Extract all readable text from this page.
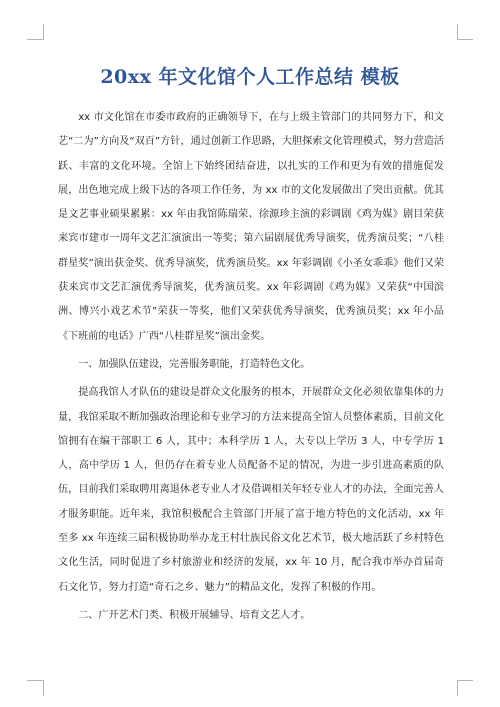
20xx 年文化馆个人工作总结 模板

xx 市文化馆在市委市政府的正确领导下，在与上级主管部门的共同努力下，和文艺“二为”方向及“双百”方针，通过创新工作思路，大胆探索文化管理模式，努力营造活跃、丰富的文化环境。全馆上下始终团结奋进，以扎实的工作和更为有效的措施促发展，出色地完成上级下达的各项工作任务，为 xx 市的文化发展做出了突出贡献。优其是文艺事业硕果累累：xx 年由我馆陈瑞荣、徐源珍主演的彩调剧《鸡为媒》剧目荣获来宾市建市一周年文艺汇演演出一等奖；第六届剧展优秀导演奖，优秀演员奖；“八桂群星奖”演出获金奖、优秀导演奖，优秀演员奖。xx 年彩调剧《小圣女乖乖》他们又荣获来宾市文艺汇演优秀导演奖，优秀演员奖。xx 年彩调剧《鸡为媒》又荣获“中国滨洲、博兴小戏艺术节”荣获一等奖，他们又荣获优秀导演奖，优秀演员奖；xx 年小品《下班前的电话》广西“八桂群星奖”演出金奖。

一、加强队伍建设，完善服务职能，打造特色文化。

提高我馆人才队伍的建设是群众文化服务的根本，开展群众文化必须依靠集体的力量，我馆采取不断加强政治理论和专业学习的方法来提高全馆人员整体素质，目前文化馆拥有在编干部职工 6 人，其中；本科学历 1 人，大专以上学历 3 人，中专学历 1 人，高中学历 1 人，但仍存在着专业人员配备不足的情况，为进一步引进高素质的队伍，目前我们采取聘用离退休老专业人才及借调相关年轻专业人才的办法，全面完善人才服务职能。近年来，我馆积极配合主管部门开展了富于地方特色的文化活动，xx 年至多 xx 年连续三届积极协助举办龙王村壮族民俗文化艺术节，极大地活跃了乡村特色文化生活，同时促进了乡村旅游业和经济的发展，xx 年 10 月，配合我市举办首届奇石文化节，努力打造“奇石之乡、魅力”的精品文化，发挥了积极的作用。

二、广开艺术门类、积极开展辅导、培育文艺人才。
